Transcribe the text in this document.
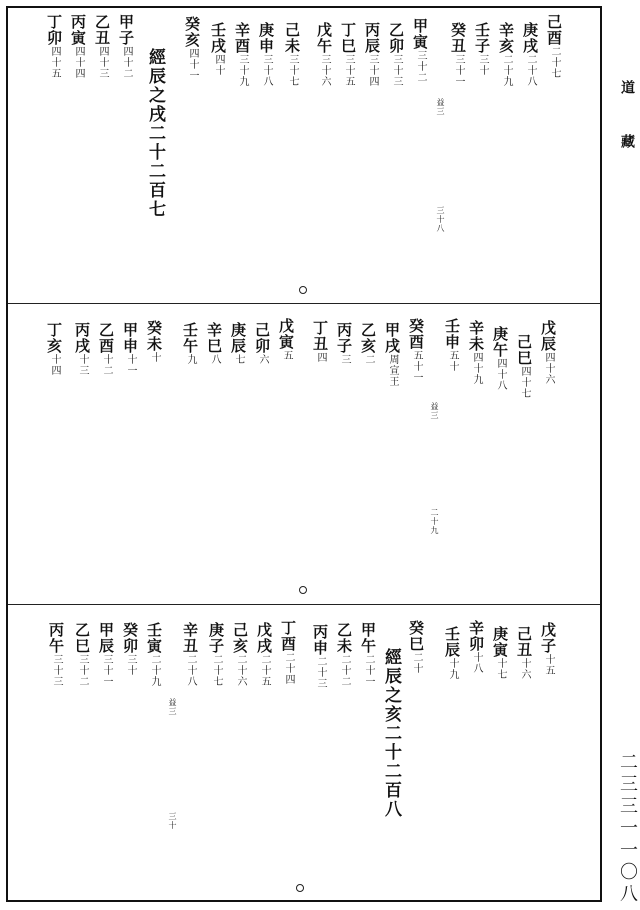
己酉二十七
庚戌二十八
辛亥二十九
壬子三十
癸丑三十一
益三
三十八
甲寅三十二
乙卯三十三
丙辰三十四
丁巳三十五
戊午三十六
己未三十七
庚申三十八
辛酉三十九
壬戌四十
癸亥四十一
經辰之戌二十二百七
甲子四十二
乙丑四十三
丙寅四十四
丁卯四十五
戊辰四十六
己巳四十七
庚午四十八
辛未四十九
壬申五十
益三
二十九
癸酉五十一
甲戌周宣王
乙亥二
丙子三
丁丑四
戊寅五
己卯六
庚辰七
辛巳八
壬午九
癸未十
甲申十一
乙酉十二
丙戌十三
丁亥十四
戊子十五
己丑十六
庚寅十七
辛卯十八
壬辰十九
癸巳二十
經辰之亥二十二百八
甲午二十一
乙未二十二
丙申二十三
丁酉二十四
戊戌二十五
己亥二十六
庚子二十七
辛丑二十八
益三
三十
壬寅二十九
癸卯三十
甲辰三十一
乙巳三十二
丙午三十三
道藏
二三三一一〇八
